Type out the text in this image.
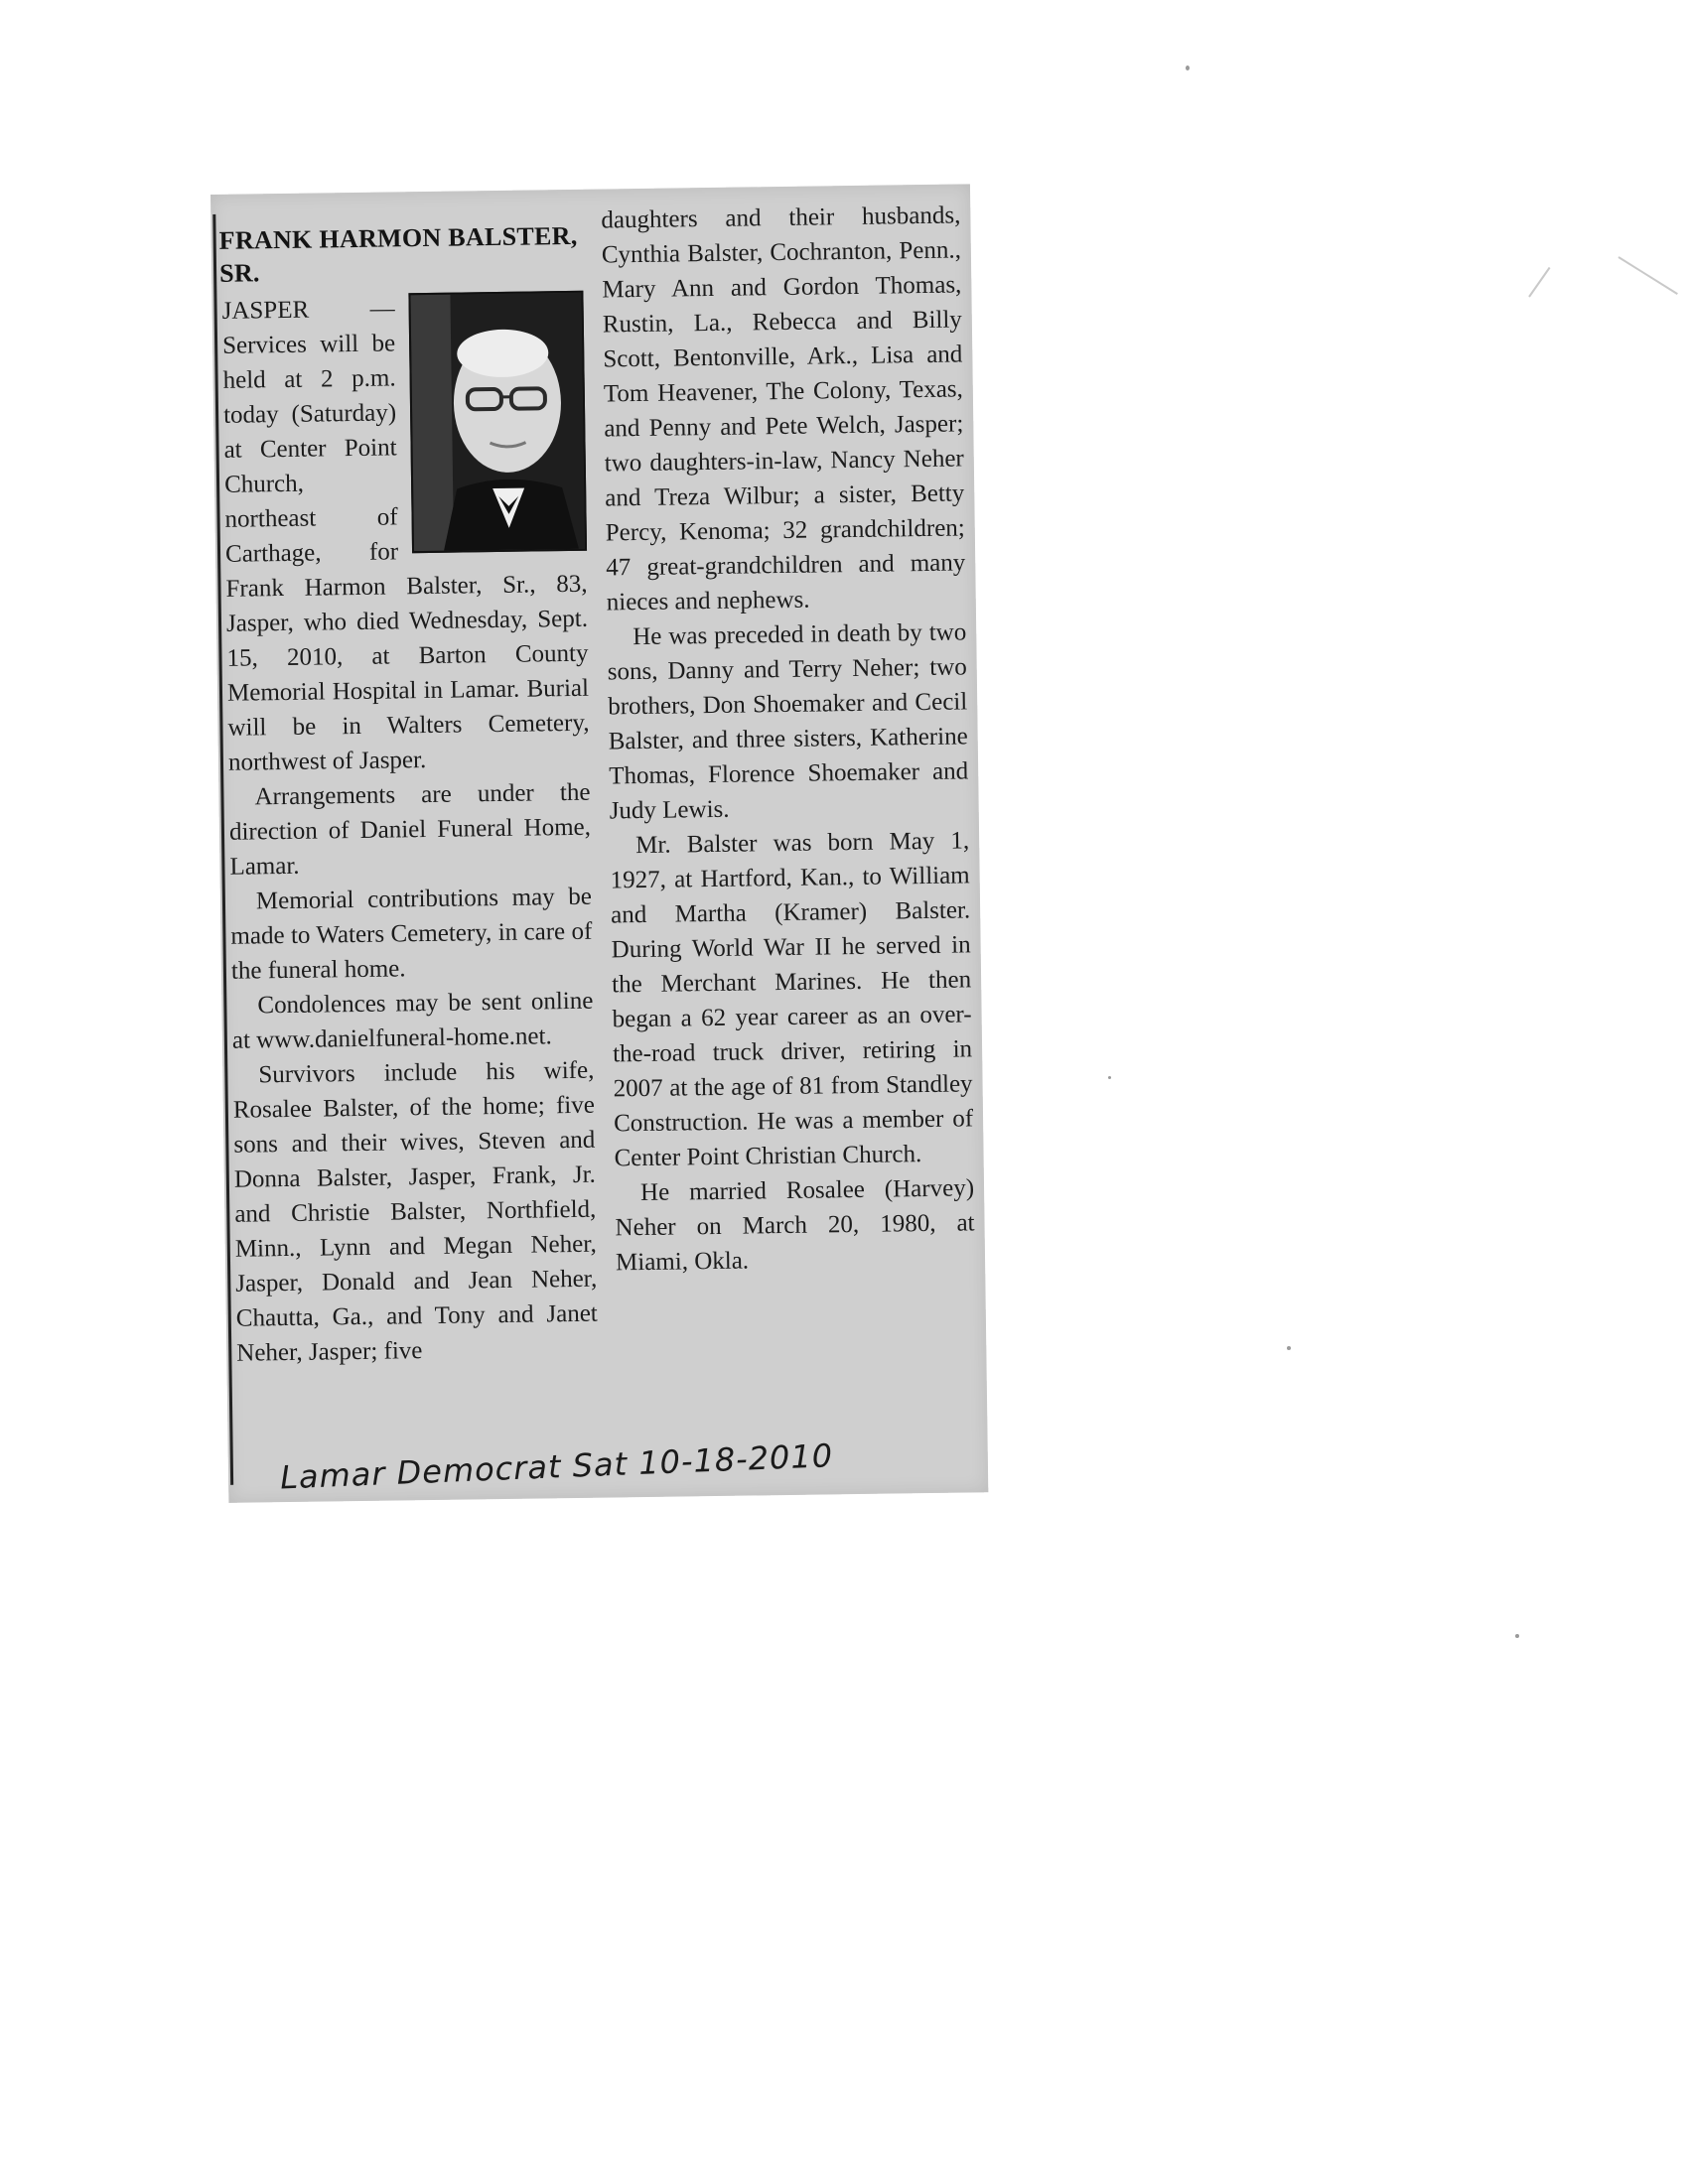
FRANK HARMON BALSTER, SR.

JASPER — Services will be held at 2 p.m. today (Saturday) at Center Point Church, northeast of Carthage, for Frank Harmon Balster, Sr., 83, Jasper, who died Wednesday, Sept. 15, 2010, at Barton County Memorial Hospital in Lamar. Burial will be in Walters Cemetery, northwest of Jasper.

Arrangements are under the direction of Daniel Funeral Home, Lamar.

Memorial contributions may be made to Waters Cemetery, in care of the funeral home.

Condolences may be sent online at www.danielfuneral-home.net.

Survivors include his wife, Rosalee Balster, of the home; five sons and their wives, Steven and Donna Balster, Jasper, Frank, Jr. and Christie Balster, Northfield, Minn., Lynn and Megan Neher, Jasper, Donald and Jean Neher, Chautta, Ga., and Tony and Janet Neher, Jasper; five

daughters and their husbands, Cynthia Balster, Cochranton, Penn., Mary Ann and Gordon Thomas, Rustin, La., Rebecca and Billy Scott, Bentonville, Ark., Lisa and Tom Heavener, The Colony, Texas, and Penny and Pete Welch, Jasper; two daughters-in-law, Nancy Neher and Treza Wilbur; a sister, Betty Percy, Kenoma; 32 grandchildren; 47 great-grandchildren and many nieces and nephews.

He was preceded in death by two sons, Danny and Terry Neher; two brothers, Don Shoemaker and Cecil Balster, and three sisters, Katherine Thomas, Florence Shoemaker and Judy Lewis.

Mr. Balster was born May 1, 1927, at Hartford, Kan., to William and Martha (Kramer) Balster. During World War II he served in the Merchant Marines. He then began a 62 year career as an over-the-road truck driver, retiring in 2007 at the age of 81 from Standley Construction. He was a member of Center Point Christian Church.

He married Rosalee (Harvey) Neher on March 20, 1980, at Miami, Okla.

Lamar Democrat Sat 10-18-2010
